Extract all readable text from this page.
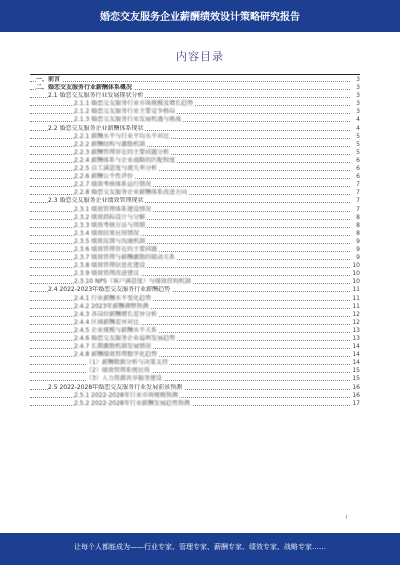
婚恋交友服务企业薪酬绩效设计策略研究报告
内容目录
一、前言	3
二、婚恋交友服务行业薪酬体系概况	3
2.1 婚恋交友服务行业发展现状分析	3
2.1.1 婚恋交友服务行业市场规模及增长趋势	3
2.1.2 婚恋交友服务行业主要竞争格局	3
2.1.3 婚恋交友服务行业发展机遇与挑战	4
2.2 婚恋交友服务企业薪酬体系现状	4
2.2.1 薪酬水平与行业平均水平对比	5
2.2.2 薪酬结构与激励机制	5
2.2.3 薪酬管理存在的主要问题分析	5
2.2.4 薪酬体系与企业战略的匹配程度	6
2.2.5 员工满意度与流失率分析	6
2.2.6 薪酬公平性评价	6
2.2.7 绩效考核体系运行情况	7
2.2.8 婚恋交友服务企业薪酬体系改进方向	7
2.3 婚恋交友服务企业绩效管理现状	7
2.3.1 绩效管理体系建设情况	7
2.3.2 绩效指标设计与分解	8
2.3.3 绩效考核方法与周期	8
2.3.4 绩效结果应用情况	8
2.3.5 绩效反馈与沟通机制	9
2.3.6 绩效管理存在的主要问题	9
2.3.7 绩效管理与薪酬激励的联动关系	9
2.3.8 绩效管理信息化建设	10
2.3.9 绩效管理改进建议	10
2.3.10 NPS（客户满意度）与绩效挂钩机制	10
2.4 2022-2023年婚恋交友服务行业薪酬趋势	11
2.4.1 行业薪酬水平变化趋势	11
2.4.2 2023年薪酬调整预测	11
2.4.3 各岗位薪酬增长差异分析	12
2.4.4 区域薪酬差异对比	12
2.4.5 企业规模与薪酬水平关系	13
2.4.6 婚恋交友服务企业福利发展趋势	13
2.4.7 长期激励机制发展情况	14
2.4.8 薪酬绩效管理数字化趋势	14
（1）薪酬数据分析与决策支持	14
（2）绩效管理系统应用	15
（3）人力资源共享服务建设	15
2.5 2022-2028年婚恋交友服务行业发展前景预测	16
2.5.1 2022-2028年行业市场规模预测	16
2.5.2 2022-2028年行业薪酬发展趋势预测	17
I
让每个人都能成为——行业专家、管理专家、薪酬专家、绩效专家、战略专家……
